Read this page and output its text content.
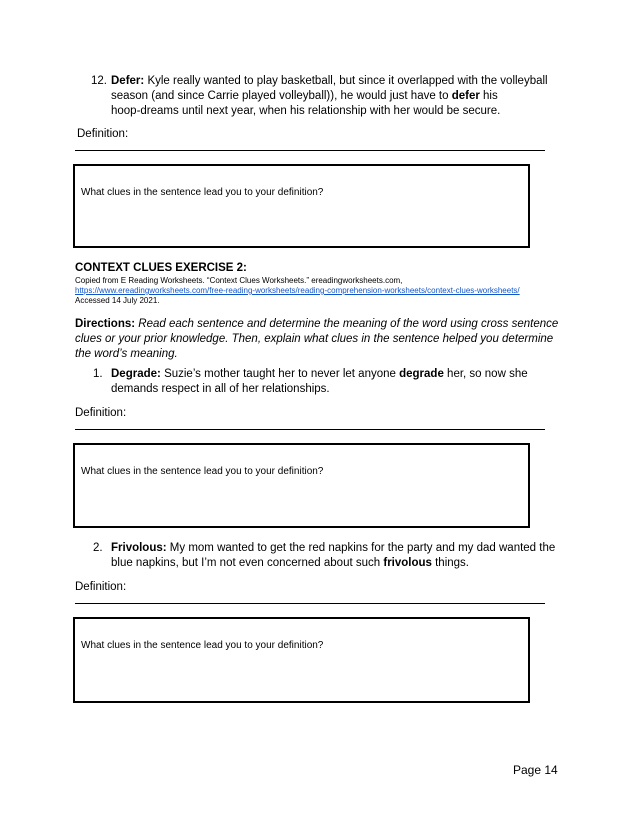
12. Defer: Kyle really wanted to play basketball, but since it overlapped with the volleyball
season (and since Carrie played volleyball)), he would just have to defer his
hoop-dreams until next year, when his relationship with her would be secure.
Definition:
What clues in the sentence lead you to your definition?
CONTEXT CLUES EXERCISE 2:
Copied from E Reading Worksheets. “Context Clues Worksheets.” ereadingworksheets.com,
https://www.ereadingworksheets.com/free-reading-worksheets/reading-comprehension-worksheets/context-clues-worksheets/
Accessed 14 July 2021.
Directions: Read each sentence and determine the meaning of the word using cross sentence
clues or your prior knowledge. Then, explain what clues in the sentence helped you determine
the word’s meaning.
1. Degrade: Suzie’s mother taught her to never let anyone degrade her, so now she
demands respect in all of her relationships.
Definition:
What clues in the sentence lead you to your definition?
2. Frivolous: My mom wanted to get the red napkins for the party and my dad wanted the
blue napkins, but I’m not even concerned about such frivolous things.
Definition:
What clues in the sentence lead you to your definition?
Page 14
